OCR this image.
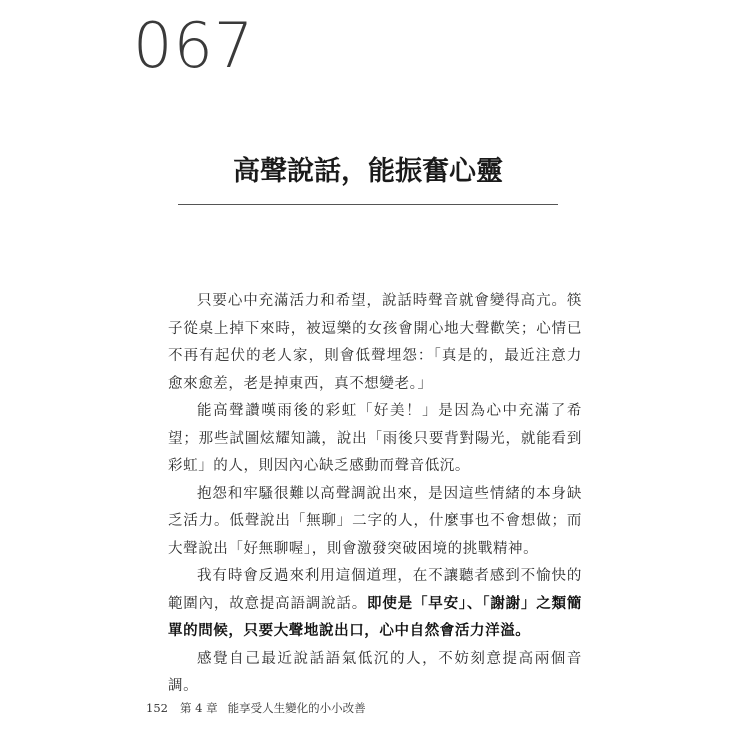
067
高聲說話，能振奮心靈

只要心中充滿活力和希望，說話時聲音就會變得高亢。筷子從桌上掉下來時，被逗樂的女孩會開心地大聲歡笑；心情已不再有起伏的老人家，則會低聲埋怨：「真是的，最近注意力愈來愈差，老是掉東西，真不想變老。」

能高聲讚嘆雨後的彩虹「好美！」是因為心中充滿了希望；那些試圖炫耀知識，說出「雨後只要背對陽光，就能看到彩虹」的人，則因內心缺乏感動而聲音低沉。

抱怨和牢騷很難以高聲調說出來，是因這些情緒的本身缺乏活力。低聲說出「無聊」二字的人，什麼事也不會想做；而大聲說出「好無聊喔」，則會激發突破困境的挑戰精神。

我有時會反過來利用這個道理，在不讓聽者感到不愉快的範圍內，故意提高語調說話。即使是「早安」、「謝謝」之類簡單的問候，只要大聲地說出口，心中自然會活力洋溢。

感覺自己最近說話語氣低沉的人，不妨刻意提高兩個音調。

152 第 4 章 能享受人生變化的小小改善
